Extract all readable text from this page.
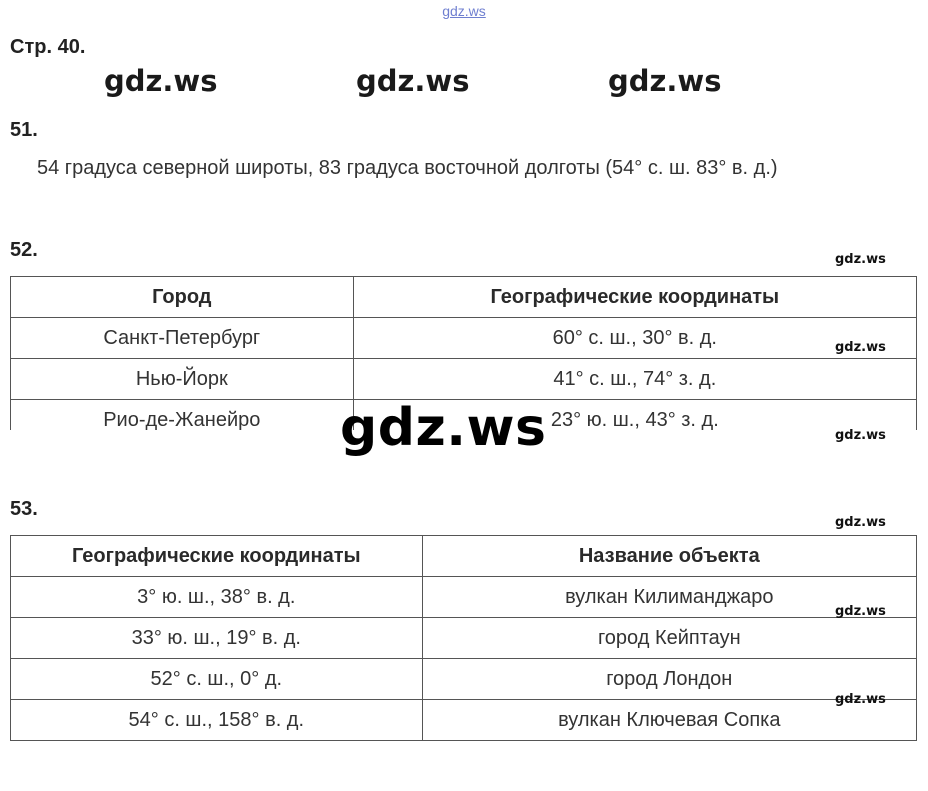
gdz.ws
Стр. 40.
gdz.ws	gdz.ws	gdz.ws
51.
54 градуса северной широты, 83 градуса восточной долготы (54° с. ш. 83° в. д.)
52.
Город	Географические координаты
Санкт-Петербург	60° с. ш., 30° в. д.
Нью-Йорк	41° с. ш., 74° з. д.
Рио-де-Жанейро	23° ю. ш., 43° з. д.
gdz.ws
53.
Географические координаты	Название объекта
3° ю. ш., 38° в. д.	вулкан Килиманджаро
33° ю. ш., 19° в. д.	город Кейптаун
52° с. ш., 0° д.	город Лондон
54° с. ш., 158° в. д.	вулкан Ключевая Сопка
gdz.ws
gdz.ws
gdz.ws
gdz.ws
gdz.ws
gdz.ws
